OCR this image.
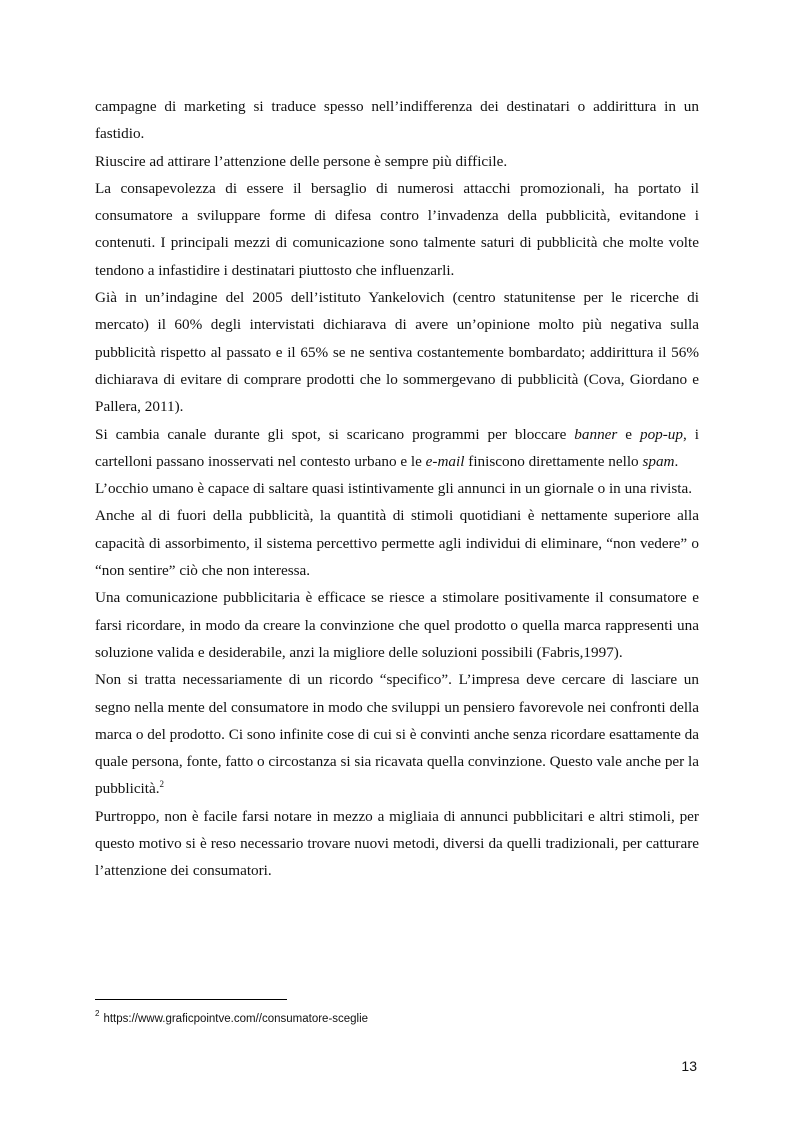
campagne di marketing si traduce spesso nell’indifferenza dei destinatari o addirittura in un fastidio.

Riuscire ad attirare l’attenzione delle persone è sempre più difficile.

La consapevolezza di essere il bersaglio di numerosi attacchi promozionali, ha portato il consumatore a sviluppare forme di difesa contro l’invadenza della pubblicità, evitandone i contenuti. I principali mezzi di comunicazione sono talmente saturi di pubblicità che molte volte tendono a infastidire i destinatari piuttosto che influenzarli.

Già in un’indagine del 2005 dell’istituto Yankelovich (centro statunitense per le ricerche di mercato) il 60% degli intervistati dichiarava di avere un’opinione molto più negativa sulla pubblicità rispetto al passato e il 65% se ne sentiva costantemente bombardato; addirittura il 56% dichiarava di evitare di comprare prodotti che lo sommergevano di pubblicità (Cova, Giordano e Pallera, 2011).

Si cambia canale durante gli spot, si scaricano programmi per bloccare banner e pop-up, i cartelloni passano inosservati nel contesto urbano e le e-mail finiscono direttamente nello spam.

L’occhio umano è capace di saltare quasi istintivamente gli annunci in un giornale o in una rivista.

Anche al di fuori della pubblicità, la quantità di stimoli quotidiani è nettamente superiore alla capacità di assorbimento, il sistema percettivo permette agli individui di eliminare, “non vedere” o “non sentire” ciò che non interessa.

Una comunicazione pubblicitaria è efficace se riesce a stimolare positivamente il consumatore e farsi ricordare, in modo da creare la convinzione che quel prodotto o quella marca rappresenti una soluzione valida e desiderabile, anzi la migliore delle soluzioni possibili (Fabris,1997).

Non si tratta necessariamente di un ricordo “specifico”. L’impresa deve cercare di lasciare un segno nella mente del consumatore in modo che sviluppi un pensiero favorevole nei confronti della marca o del prodotto. Ci sono infinite cose di cui si è convinti anche senza ricordare esattamente da quale persona, fonte, fatto o circostanza si sia ricavata quella convinzione. Questo vale anche per la pubblicità.$^2$

Purtroppo, non è facile farsi notare in mezzo a migliaia di annunci pubblicitari e altri stimoli, per questo motivo si è reso necessario trovare nuovi metodi, diversi da quelli tradizionali, per catturare l’attenzione dei consumatori.

$^2$ https://www.graficpointve.com//consumatore-sceglie
13
